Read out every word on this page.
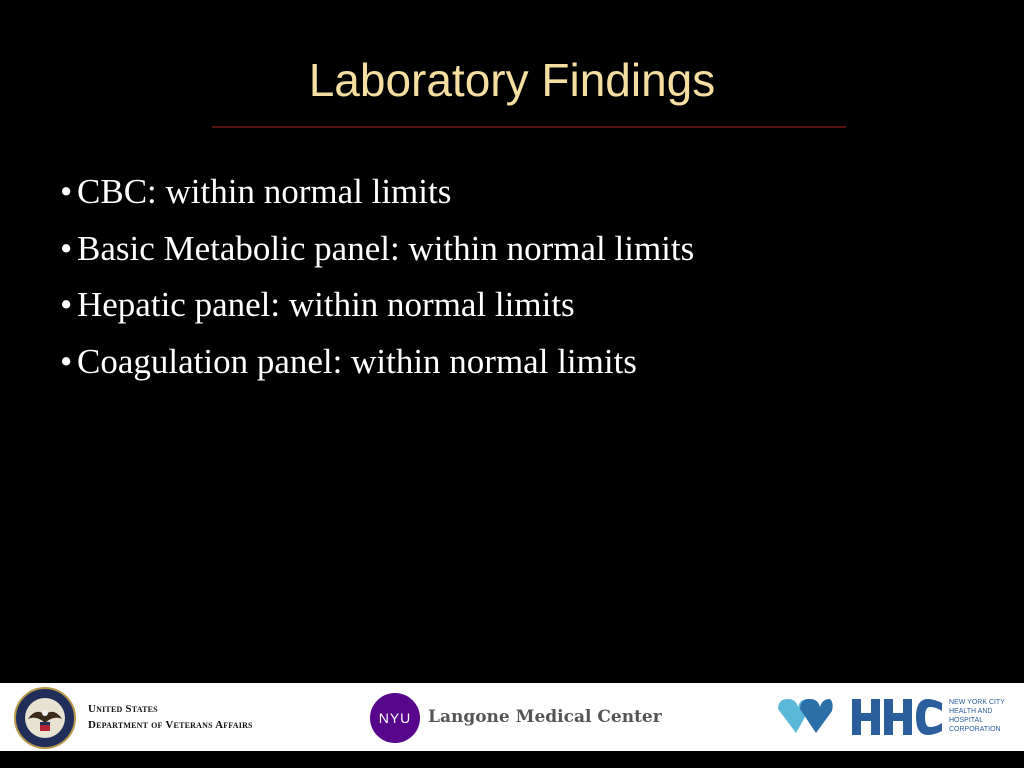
Laboratory Findings
• CBC: within normal limits
• Basic Metabolic panel: within normal limits
• Hepatic panel: within normal limits
• Coagulation panel: within normal limits
United States
Department of Veterans Affairs	NYU Langone Medical Center
NEW YORK CITY
HEALTH AND
HOSPITAL
CORPORATION
